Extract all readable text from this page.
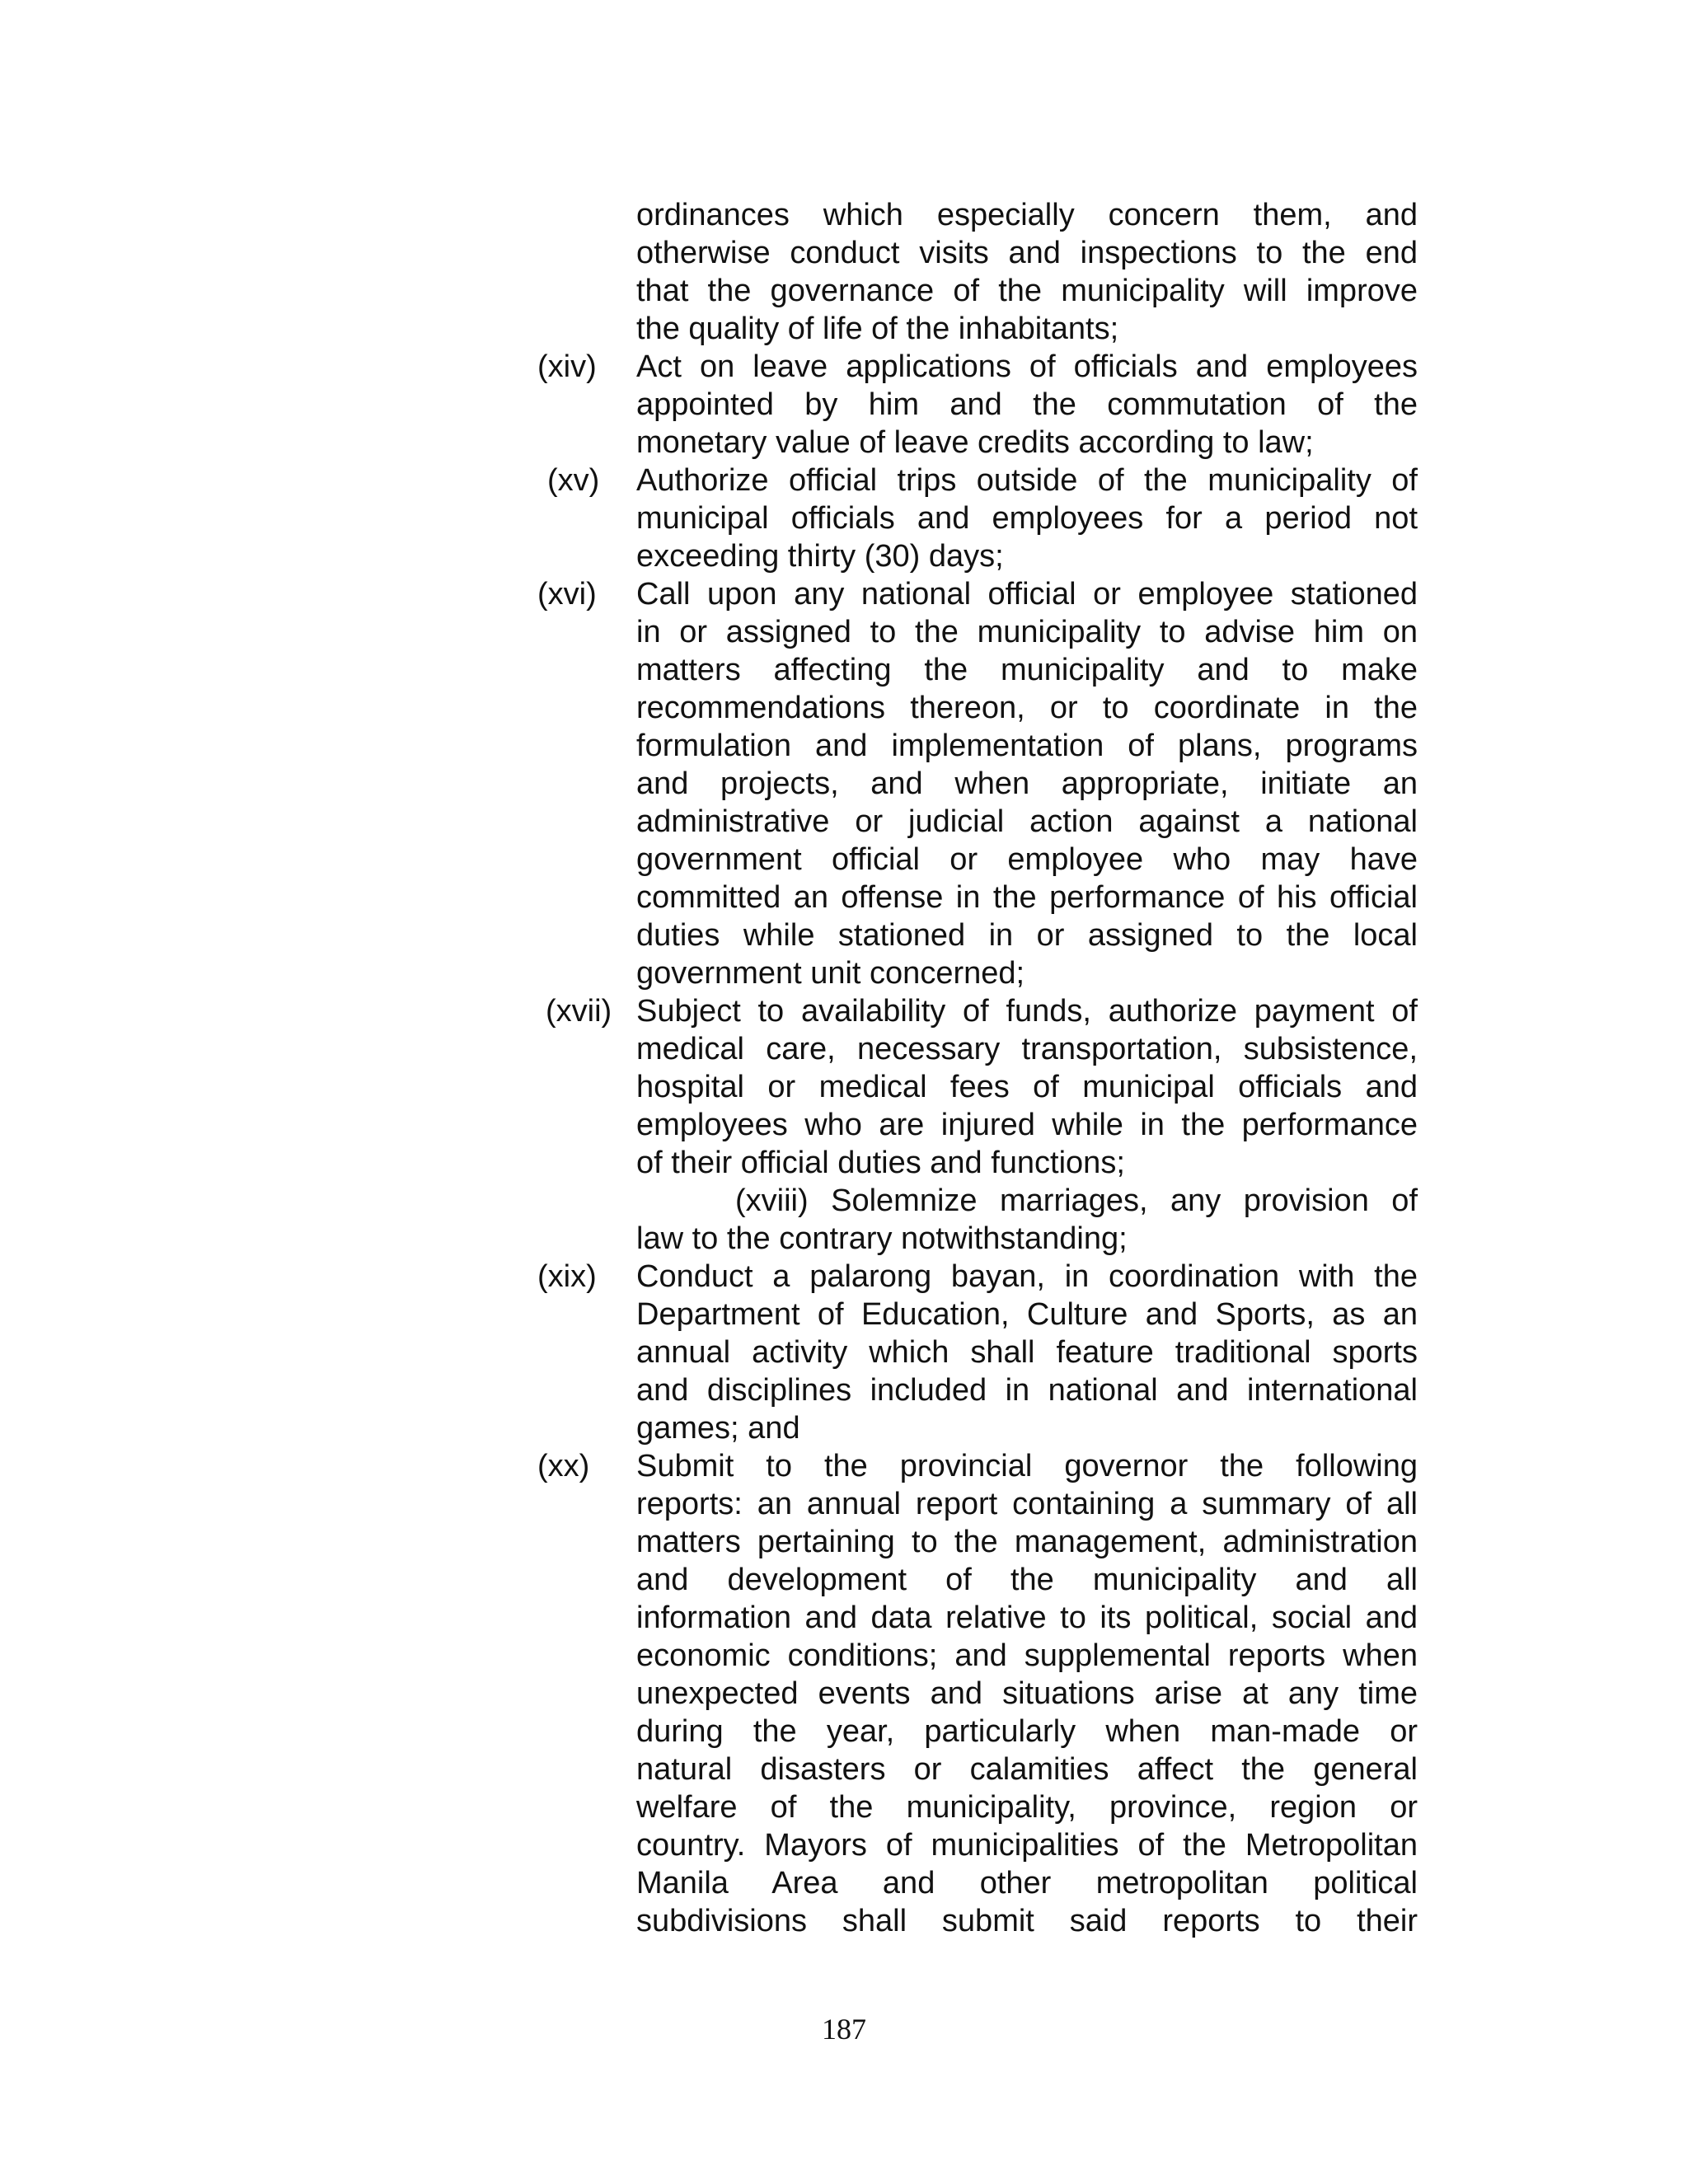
ordinances which especially concern them, and
otherwise conduct visits and inspections to the end
that the governance of the municipality will improve
the quality of life of the inhabitants;
(xiv) Act on leave applications of officials and employees
appointed by him and the commutation of the
monetary value of leave credits according to law;
(xv) Authorize official trips outside of the municipality of
municipal officials and employees for a period not
exceeding thirty (30) days;
(xvi) Call upon any national official or employee stationed
in or assigned to the municipality to advise him on
matters affecting the municipality and to make
recommendations thereon, or to coordinate in the
formulation and implementation of plans, programs
and projects, and when appropriate, initiate an
administrative or judicial action against a national
government official or employee who may have
committed an offense in the performance of his official
duties while stationed in or assigned to the local
government unit concerned;
(xvii) Subject to availability of funds, authorize payment of
medical care, necessary transportation, subsistence,
hospital or medical fees of municipal officials and
employees who are injured while in the performance
of their official duties and functions;
(xviii) Solemnize marriages, any provision of
law to the contrary notwithstanding;
(xix) Conduct a palarong bayan, in coordination with the
Department of Education, Culture and Sports, as an
annual activity which shall feature traditional sports
and disciplines included in national and international
games; and
(xx) Submit to the provincial governor the following
reports: an annual report containing a summary of all
matters pertaining to the management, administration
and development of the municipality and all
information and data relative to its political, social and
economic conditions; and supplemental reports when
unexpected events and situations arise at any time
during the year, particularly when man-made or
natural disasters or calamities affect the general
welfare of the municipality, province, region or
country. Mayors of municipalities of the Metropolitan
Manila Area and other metropolitan political
subdivisions shall submit said reports to their
187
